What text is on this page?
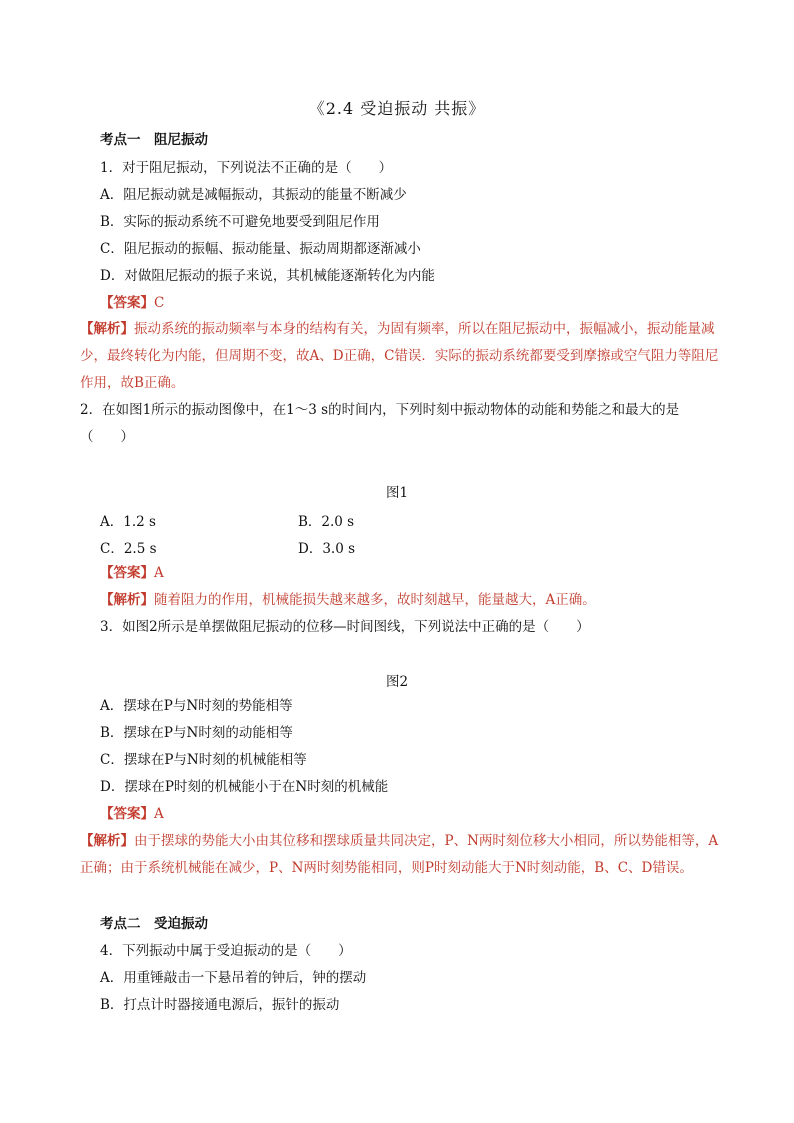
《2.4 受迫振动 共振》
考点一　阻尼振动
1．对于阻尼振动，下列说法不正确的是（　　）
A．阻尼振动就是减幅振动，其振动的能量不断减少
B．实际的振动系统不可避免地要受到阻尼作用
C．阻尼振动的振幅、振动能量、振动周期都逐渐减小
D．对做阻尼振动的振子来说，其机械能逐渐转化为内能
【答案】C
【解析】振动系统的振动频率与本身的结构有关，为固有频率，所以在阻尼振动中，振幅减小，振动能量减少，最终转化为内能，但周期不变，故A、D正确，C错误．实际的振动系统都要受到摩擦或空气阻力等阻尼作用，故B正确。
2．在如图1所示的振动图像中，在1～3 s的时间内，下列时刻中振动物体的动能和势能之和最大的是（　　）
图1
A．1.2 s	B．2.0 s
C．2.5 s	D．3.0 s
【答案】A
【解析】随着阻力的作用，机械能损失越来越多，故时刻越早，能量越大，A正确。
3．如图2所示是单摆做阻尼振动的位移—时间图线，下列说法中正确的是（　　）
图2
A．摆球在P与N时刻的势能相等
B．摆球在P与N时刻的动能相等
C．摆球在P与N时刻的机械能相等
D．摆球在P时刻的机械能小于在N时刻的机械能
【答案】A
【解析】由于摆球的势能大小由其位移和摆球质量共同决定，P、N两时刻位移大小相同，所以势能相等，A正确；由于系统机械能在减少，P、N两时刻势能相同，则P时刻动能大于N时刻动能，B、C、D错误。
考点二　受迫振动
4．下列振动中属于受迫振动的是（　　）
A．用重锤敲击一下悬吊着的钟后，钟的摆动
B．打点计时器接通电源后，振针的振动
